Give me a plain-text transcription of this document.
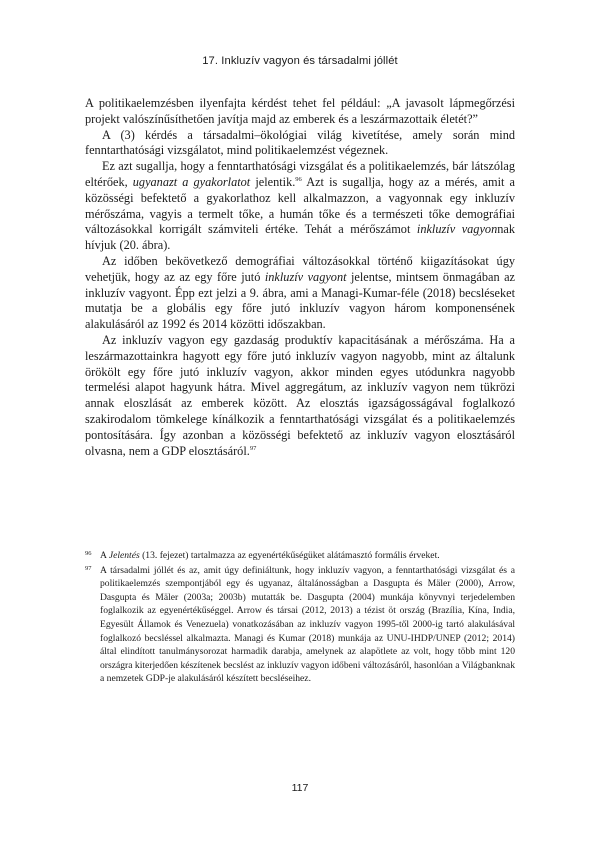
17. Inkluzív vagyon és társadalmi jóllét

A politikaelemzésben ilyenfajta kérdést tehet fel például: „A javasolt lápmegőrzési projekt valószínűsíthetően javítja majd az emberek és a leszármazottaik életét?”

A (3) kérdés a társadalmi–ökológiai világ kivetítése, amely során mind fenntarthatósági vizsgálatot, mind politikaelemzést végeznek.

Ez azt sugallja, hogy a fenntarthatósági vizsgálat és a politikaelemzés, bár látszólag eltérőek, ugyanazt a gyakorlatot jelentik.$^{96}$ Azt is sugallja, hogy az a mérés, amit a közösségi befektető a gyakorlathoz kell alkalmazzon, a vagyonnak egy inkluzív mérőszáma, vagyis a termelt tőke, a humán tőke és a természeti tőke demográfiai változásokkal korrigált számviteli értéke. Tehát a mérőszámot inkluzív vagyonnak hívjuk (20. ábra).

Az időben bekövetkező demográfiai változásokkal történő kiigazításokat úgy vehetjük, hogy az az egy főre jutó inkluzív vagyont jelentse, mintsem önmagában az inkluzív vagyont. Épp ezt jelzi a 9. ábra, ami a Managi-Kumar-féle (2018) becsléseket mutatja be a globális egy főre jutó inkluzív vagyon három komponensének alakulásáról az 1992 és 2014 közötti időszakban.

Az inkluzív vagyon egy gazdaság produktív kapacitásának a mérőszáma. Ha a leszármazottainkra hagyott egy főre jutó inkluzív vagyon nagyobb, mint az általunk örökölt egy főre jutó inkluzív vagyon, akkor minden egyes utódunkra nagyobb termelési alapot hagyunk hátra. Mivel aggregátum, az inkluzív vagyon nem tükrözi annak eloszlását az emberek között. Az elosztás igazságosságával foglalkozó szakirodalom tömkelege kínálkozik a fenntarthatósági vizsgálat és a politikaelemzés pontosítására. Így azonban a közösségi befektető az inkluzív vagyon elosztásáról olvasna, nem a GDP elosztásáról.$^{97}$

96 A Jelentés (13. fejezet) tartalmazza az egyenértékűségüket alátámasztó formális érveket.
97 A társadalmi jóllét és az, amit úgy definiáltunk, hogy inkluzív vagyon, a fenntarthatósági vizsgálat és a politikaelemzés szempontjából egy és ugyanaz, általánosságban a Dasgupta és Mäler (2000), Arrow, Dasgupta és Mäler (2003a; 2003b) mutatták be. Dasgupta (2004) munkája könyvnyi terjedelemben foglalkozik az egyenértékűséggel. Arrow és társai (2012, 2013) a tézist öt ország (Brazília, Kína, India, Egyesült Államok és Venezuela) vonatkozásában az inkluzív vagyon 1995-től 2000-ig tartó alakulásával foglalkozó becsléssel alkalmazta. Managi és Kumar (2018) munkája az UNU-IHDP/UNEP (2012; 2014) által elindított tanulmánysorozat harmadik darabja, amelynek az alapötlete az volt, hogy több mint 120 országra kiterjedően készítenek becslést az inkluzív vagyon időbeni változásáról, hasonlóan a Világbanknak a nemzetek GDP-je alakulásáról készített becsléseihez.
117
